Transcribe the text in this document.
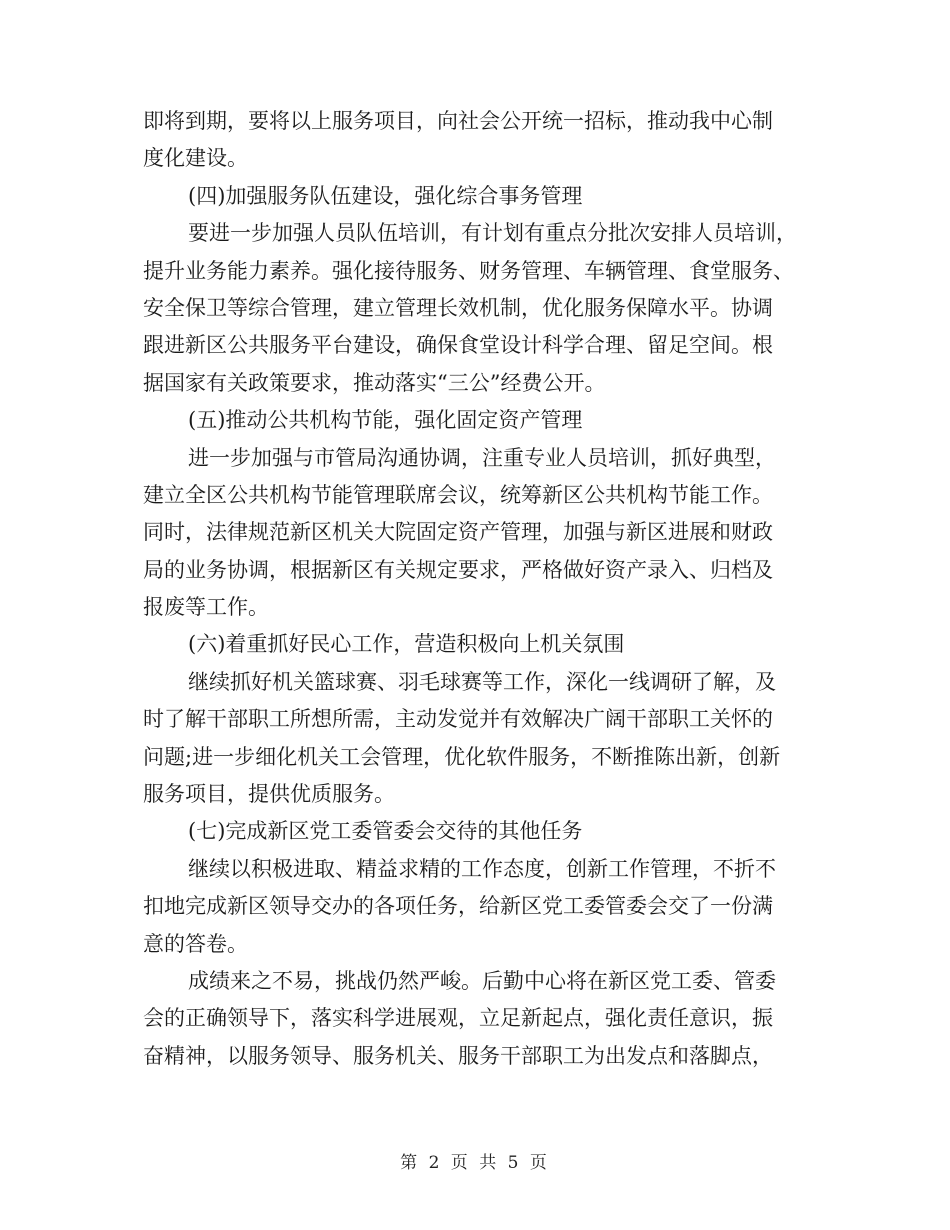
即将到期，要将以上服务项目，向社会公开统一招标，推动我中心制
度化建设。
(四)加强服务队伍建设，强化综合事务管理
要进一步加强人员队伍培训，有计划有重点分批次安排人员培训，
提升业务能力素养。强化接待服务、财务管理、车辆管理、食堂服务、
安全保卫等综合管理，建立管理长效机制，优化服务保障水平。协调
跟进新区公共服务平台建设，确保食堂设计科学合理、留足空间。根
据国家有关政策要求，推动落实“三公”经费公开。
(五)推动公共机构节能，强化固定资产管理
进一步加强与市管局沟通协调，注重专业人员培训，抓好典型，
建立全区公共机构节能管理联席会议，统筹新区公共机构节能工作。
同时，法律规范新区机关大院固定资产管理，加强与新区进展和财政
局的业务协调，根据新区有关规定要求，严格做好资产录入、归档及
报废等工作。
(六)着重抓好民心工作，营造积极向上机关氛围
继续抓好机关篮球赛、羽毛球赛等工作，深化一线调研了解，及
时了解干部职工所想所需，主动发觉并有效解决广阔干部职工关怀的
问题;进一步细化机关工会管理，优化软件服务，不断推陈出新，创新
服务项目，提供优质服务。
(七)完成新区党工委管委会交待的其他任务
继续以积极进取、精益求精的工作态度，创新工作管理，不折不
扣地完成新区领导交办的各项任务，给新区党工委管委会交了一份满
意的答卷。
成绩来之不易，挑战仍然严峻。后勤中心将在新区党工委、管委
会的正确领导下，落实科学进展观，立足新起点，强化责任意识，振
奋精神，以服务领导、服务机关、服务干部职工为出发点和落脚点，
第 2 页 共 5 页
